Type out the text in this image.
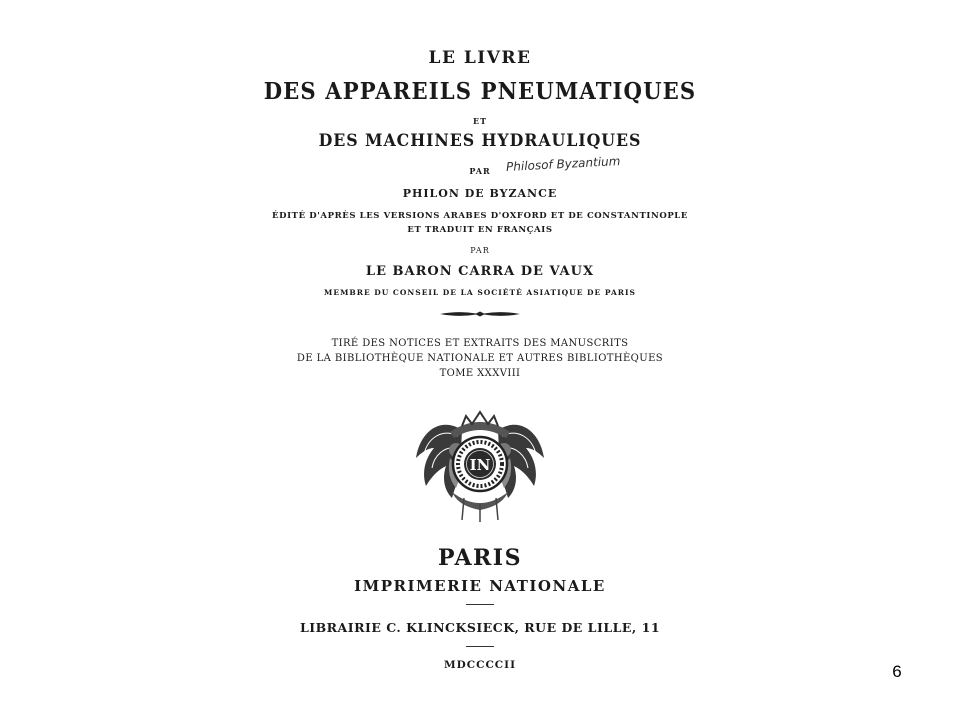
LE LIVRE
DES APPAREILS PNEUMATIQUES
ET
DES MACHINES HYDRAULIQUES
PAR	Philosof Byzantium
PHILON DE BYZANCE
ÉDITÉ D'APRÈS LES VERSIONS ARABES D'OXFORD ET DE CONSTANTINOPLE
ET TRADUIT EN FRANÇAIS
PAR
LE BARON CARRA DE VAUX
MEMBRE DU CONSEIL DE LA SOCIÉTÉ ASIATIQUE DE PARIS
TIRÉ DES NOTICES ET EXTRAITS DES MANUSCRITS
DE LA BIBLIOTHÈQUE NATIONALE ET AUTRES BIBLIOTHÈQUES
TOME XXXVIII
IN
PARIS
IMPRIMERIE NATIONALE
LIBRAIRIE C. KLINCKSIECK, RUE DE LILLE, 11
MDCCCCII	6
